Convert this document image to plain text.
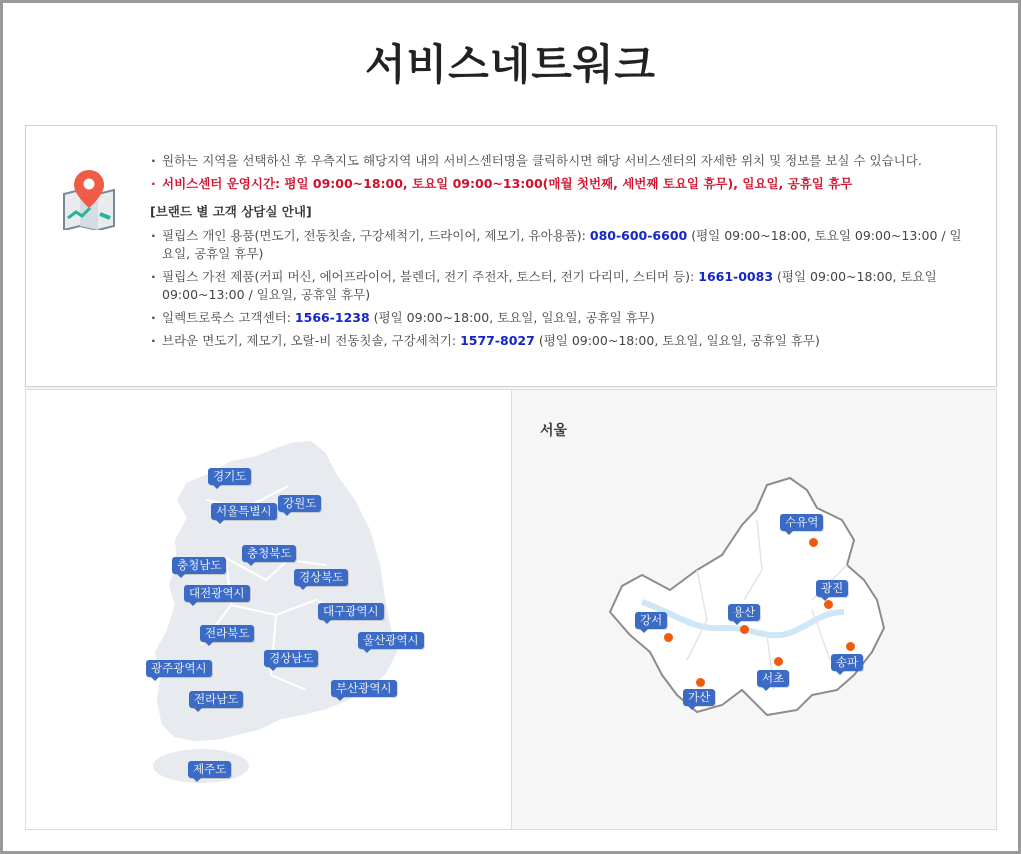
서비스네트워크
· 원하는 지역을 선택하신 후 우측지도 해당지역 내의 서비스센터명을 클릭하시면 해당 서비스센터의 자세한 위치 및 정보를 보실 수 있습니다.
· 서비스센터 운영시간: 평일 09:00~18:00, 토요일 09:00~13:00(매월 첫번째, 세번째 토요일 휴무), 일요일, 공휴일 휴무
[브랜드 별 고객 상담실 안내]
· 필립스 개인 용품(면도기, 전동칫솔, 구강세척기, 드라이어, 제모기, 유아용품): 080-600-6600 (평일 09:00~18:00, 토요일 09:00~13:00 / 일요일, 공휴일 휴무)
· 필립스 가전 제품(커피 머신, 에어프라이어, 블렌더, 전기 주전자, 토스터, 전기 다리미, 스티머 등): 1661-0083 (평일 09:00~18:00, 토요일 09:00~13:00 / 일요일, 공휴일 휴무)
· 일렉트로룩스 고객센터: 1566-1238 (평일 09:00~18:00, 토요일, 일요일, 공휴일 휴무)
· 브라운 면도기, 제모기, 오랄-비 전동칫솔, 구강세척기: 1577-8027 (평일 09:00~18:00, 토요일, 일요일, 공휴일 휴무)
경기도
강원도
서울특별시
충청북도
충청남도
경상북도
대전광역시
대구광역시
전라북도	울산광역시
경상남도
광주광역시
부산광역시
전라남도
제주도
서울
수유역
광진
용산
강서
송파
서초
가산
